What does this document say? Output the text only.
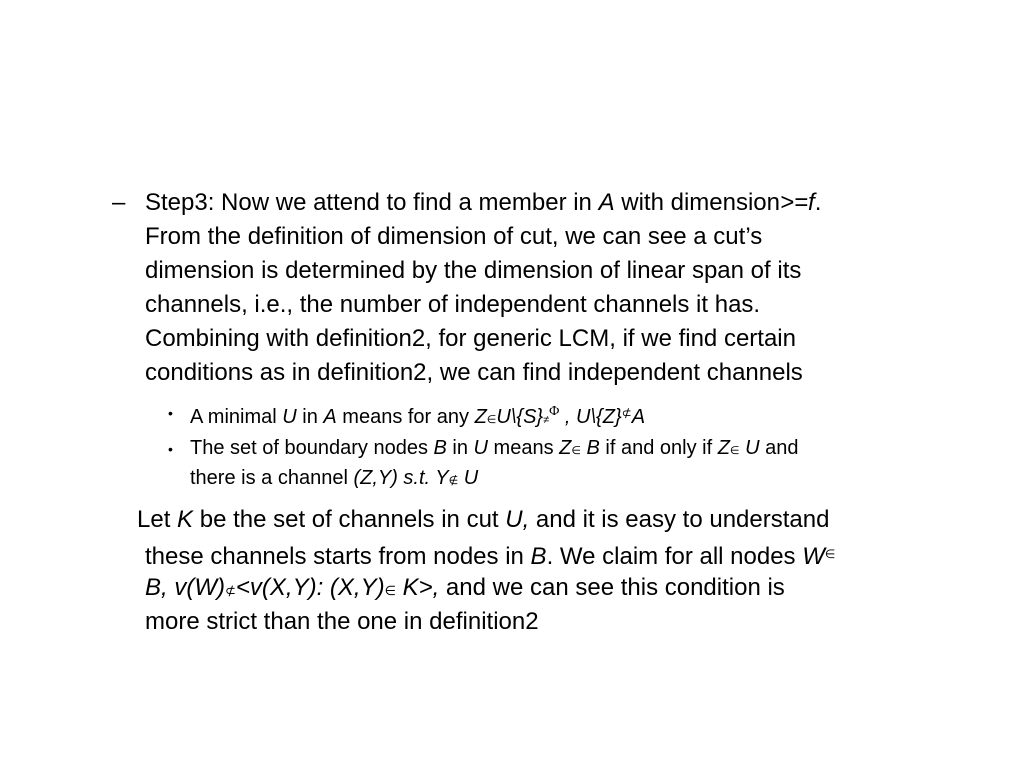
– Step3: Now we attend to find a member in A with dimension>=f.
From the definition of dimension of cut, we can see a cut’s
dimension is determined by the dimension of linear span of its
channels, i.e., the number of independent channels it has.
Combining with definition2, for generic LCM, if we find certain
conditions as in definition2, we can find independent channels
• A minimal U in A means for any Z∈U\{S}≠$^\Phi$ , U\{Z}⊄A
• The set of boundary nodes B in U means Z∈ B if and only if Z∈ U and
there is a channel (Z,Y) s.t. Y∉ U
Let K be the set of channels in cut U, and it is easy to understand
these channels starts from nodes in B. We claim for all nodes W∈
B, v(W)⊄<v(X,Y): (X,Y)∈ K>, and we can see this condition is
more strict than the one in definition2
